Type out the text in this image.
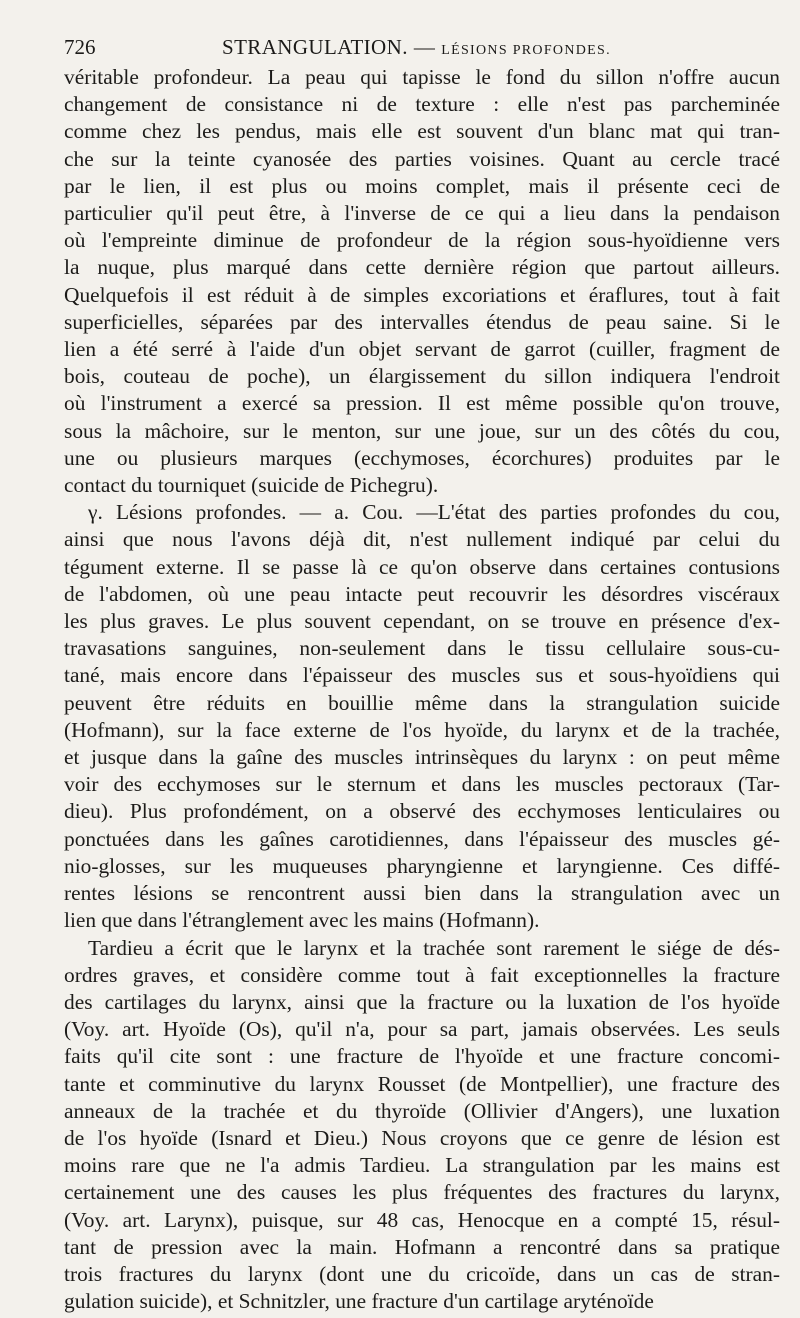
726	STRANGULATION. — LÉSIONS PROFONDES.
véritable profondeur. La peau qui tapisse le fond du sillon n'offre aucun
changement de consistance ni de texture : elle n'est pas parcheminée
comme chez les pendus, mais elle est souvent d'un blanc mat qui tran-
che sur la teinte cyanosée des parties voisines. Quant au cercle tracé
par le lien, il est plus ou moins complet, mais il présente ceci de
particulier qu'il peut être, à l'inverse de ce qui a lieu dans la pendaison
où l'empreinte diminue de profondeur de la région sous-hyoïdienne vers
la nuque, plus marqué dans cette dernière région que partout ailleurs.
Quelquefois il est réduit à de simples excoriations et éraflures, tout à fait
superficielles, séparées par des intervalles étendus de peau saine. Si le
lien a été serré à l'aide d'un objet servant de garrot (cuiller, fragment de
bois, couteau de poche), un élargissement du sillon indiquera l'endroit
où l'instrument a exercé sa pression. Il est même possible qu'on trouve,
sous la mâchoire, sur le menton, sur une joue, sur un des côtés du cou,
une ou plusieurs marques (ecchymoses, écorchures) produites par le
contact du tourniquet (suicide de Pichegru).
γ. Lésions profondes. — a. Cou. —L'état des parties profondes du cou,
ainsi que nous l'avons déjà dit, n'est nullement indiqué par celui du
tégument externe. Il se passe là ce qu'on observe dans certaines contusions
de l'abdomen, où une peau intacte peut recouvrir les désordres viscéraux
les plus graves. Le plus souvent cependant, on se trouve en présence d'ex-
travasations sanguines, non-seulement dans le tissu cellulaire sous-cu-
tané, mais encore dans l'épaisseur des muscles sus et sous-hyoïdiens qui
peuvent être réduits en bouillie même dans la strangulation suicide
(Hofmann), sur la face externe de l'os hyoïde, du larynx et de la trachée,
et jusque dans la gaîne des muscles intrinsèques du larynx : on peut même
voir des ecchymoses sur le sternum et dans les muscles pectoraux (Tar-
dieu). Plus profondément, on a observé des ecchymoses lenticulaires ou
ponctuées dans les gaînes carotidiennes, dans l'épaisseur des muscles gé-
nio-glosses, sur les muqueuses pharyngienne et laryngienne. Ces diffé-
rentes lésions se rencontrent aussi bien dans la strangulation avec un
lien que dans l'étranglement avec les mains (Hofmann).
Tardieu a écrit que le larynx et la trachée sont rarement le siége de dés-
ordres graves, et considère comme tout à fait exceptionnelles la fracture
des cartilages du larynx, ainsi que la fracture ou la luxation de l'os hyoïde
(Voy. art. Hyoïde (Os), qu'il n'a, pour sa part, jamais observées. Les seuls
faits qu'il cite sont : une fracture de l'hyoïde et une fracture concomi-
tante et comminutive du larynx Rousset (de Montpellier), une fracture des
anneaux de la trachée et du thyroïde (Ollivier d'Angers), une luxation
de l'os hyoïde (Isnard et Dieu.) Nous croyons que ce genre de lésion est
moins rare que ne l'a admis Tardieu. La strangulation par les mains est
certainement une des causes les plus fréquentes des fractures du larynx,
(Voy. art. Larynx), puisque, sur 48 cas, Henocque en a compté 15, résul-
tant de pression avec la main. Hofmann a rencontré dans sa pratique
trois fractures du larynx (dont une du cricoïde, dans un cas de stran-
gulation suicide), et Schnitzler, une fracture d'un cartilage aryténoïde
